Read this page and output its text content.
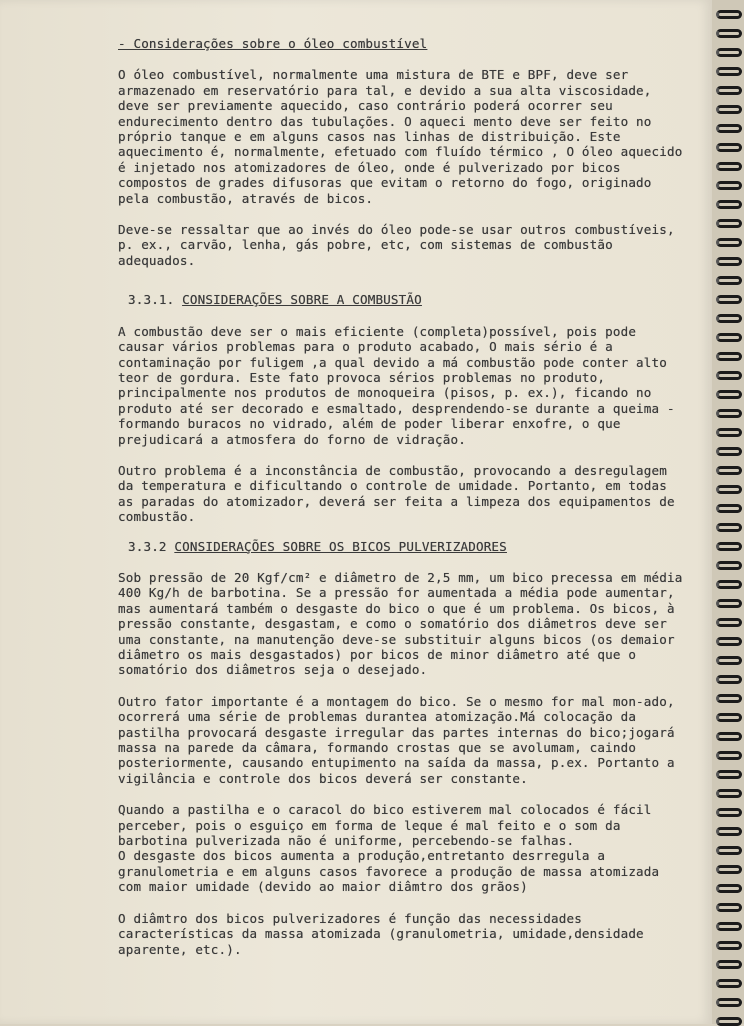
- Considerações sobre o óleo combustível

O óleo combustível, normalmente uma mistura de BTE e BPF, deve ser armazenado em reservatório para tal, e devido a sua alta viscosidade, deve ser previamente aquecido, caso contrário poderá ocorrer seu endurecimento dentro das tubulações. O aqueci mento deve ser feito no próprio tanque e em alguns casos nas linhas de distribuição. Este aquecimento é, normalmente, efetuado com fluído térmico , O óleo aquecido é injetado nos atomizadores de óleo, onde é pulverizado por bicos compostos de grades difusoras que evitam o retorno do fogo, originado pela combustão, através de bicos.

Deve-se ressaltar que ao invés do óleo pode-se usar outros combustíveis, p. ex., carvão, lenha, gás pobre, etc, com sistemas de combustão adequados.

3.3.1. CONSIDERAÇÕES SOBRE A COMBUSTÃO

A combustão deve ser o mais eficiente (completa)possível, pois pode causar vários problemas para o produto acabado, O mais sério é a contaminação por fuligem ,a qual devido a má combustão pode conter alto teor de gordura. Este fato provoca sérios problemas no produto, principalmente nos produtos de monoqueira (pisos, p. ex.), ficando no produto até ser decorado e esmaltado, desprendendo-se durante a queima - formando buracos no vidrado, além de poder liberar enxofre, o que prejudicará a atmosfera do forno de vidração.

Outro problema é a inconstância de combustão, provocando a desregulagem da temperatura e dificultando o controle de umidade. Portanto, em todas as paradas do atomizador, deverá ser feita a limpeza dos equipamentos de combustão.

3.3.2 CONSIDERAÇÕES SOBRE OS BICOS PULVERIZADORES

Sob pressão de 20 Kgf/cm² e diâmetro de 2,5 mm, um bico precessa em média 400 Kg/h de barbotina. Se a pressão for aumentada a média pode aumentar, mas aumentará também o desgaste do bico o que é um problema. Os bicos, à pressão constante, desgastam, e como o somatório dos diâmetros deve ser uma constante, na manutenção deve-se substituir alguns bicos (os demaior diâmetro os mais desgastados) por bicos de minor diâmetro até que o somatório dos diâmetros seja o desejado.

Outro fator importante é a montagem do bico. Se o mesmo for mal mon-ado, ocorrerá uma série de problemas durantea atomização.Má colocação da pastilha provocará desgaste irregular das partes internas do bico;jogará massa na parede da câmara, formando crostas que se avolumam, caindo posteriormente, causando entupimento na saída da massa, p.ex. Portanto a vigilância e controle dos bicos deverá ser constante.

Quando a pastilha e o caracol do bico estiverem mal colocados é fácil perceber, pois o esguiço em forma de leque é mal feito e o som da barbotina pulverizada não é uniforme, percebendo-se falhas.

O desgaste dos bicos aumenta a produção,entretanto desrregula a granulometria e em alguns casos favorece a produção de massa atomizada com maior umidade (devido ao maior diâmtro dos grãos)

O diâmtro dos bicos pulverizadores é função das necessidades características da massa atomizada (granulometria, umidade,densidade aparente, etc.).
